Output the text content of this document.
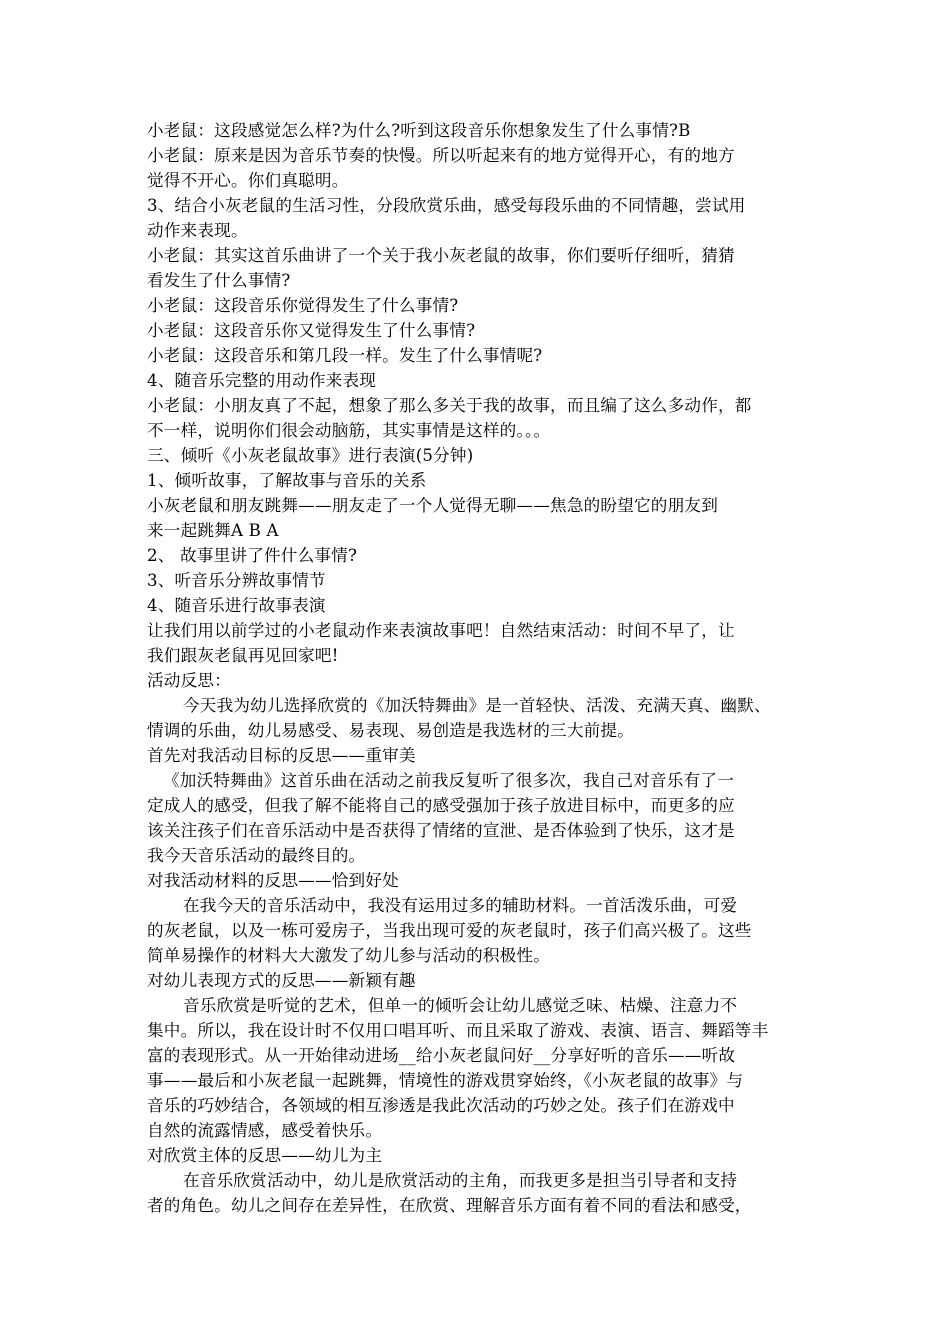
小老鼠：这段感觉怎么样?为什么?听到这段音乐你想象发生了什么事情?B
小老鼠：原来是因为音乐节奏的快慢。所以听起来有的地方觉得开心，有的地方
觉得不开心。你们真聪明。
3、结合小灰老鼠的生活习性，分段欣赏乐曲，感受每段乐曲的不同情趣，尝试用
动作来表现。
小老鼠：其实这首乐曲讲了一个关于我小灰老鼠的故事，你们要听仔细听，猜猜
看发生了什么事情?
小老鼠：这段音乐你觉得发生了什么事情?
小老鼠：这段音乐你又觉得发生了什么事情?
小老鼠：这段音乐和第几段一样。发生了什么事情呢?
4、随音乐完整的用动作来表现
小老鼠：小朋友真了不起，想象了那么多关于我的故事，而且编了这么多动作，都
不一样，说明你们很会动脑筋，其实事情是这样的。。。
三、倾听《小灰老鼠故事》进行表演(5分钟)
1、倾听故事，了解故事与音乐的关系
小灰老鼠和朋友跳舞——朋友走了一个人觉得无聊——焦急的盼望它的朋友到
来一起跳舞A B A
2、 故事里讲了件什么事情?
3、听音乐分辨故事情节
4、随音乐进行故事表演
让我们用以前学过的小老鼠动作来表演故事吧！自然结束活动：时间不早了，让
我们跟灰老鼠再见回家吧!
活动反思：
今天我为幼儿选择欣赏的《加沃特舞曲》是一首轻快、活泼、充满天真、幽默、
情调的乐曲，幼儿易感受、易表现、易创造是我选材的三大前提。
首先对我活动目标的反思——重审美
《加沃特舞曲》这首乐曲在活动之前我反复听了很多次，我自己对音乐有了一
定成人的感受，但我了解不能将自己的感受强加于孩子放进目标中，而更多的应
该关注孩子们在音乐活动中是否获得了情绪的宣泄、是否体验到了快乐，这才是
我今天音乐活动的最终目的。
对我活动材料的反思——恰到好处
在我今天的音乐活动中，我没有运用过多的辅助材料。一首活泼乐曲，可爱
的灰老鼠，以及一栋可爱房子，当我出现可爱的灰老鼠时，孩子们高兴极了。这些
简单易操作的材料大大激发了幼儿参与活动的积极性。
对幼儿表现方式的反思——新颖有趣
音乐欣赏是听觉的艺术，但单一的倾听会让幼儿感觉乏味、枯燥、注意力不
集中。所以，我在设计时不仅用口唱耳听、而且采取了游戏、表演、语言、舞蹈等丰
富的表现形式。从一开始律动进场__给小灰老鼠问好__分享好听的音乐——听故
事——最后和小灰老鼠一起跳舞，情境性的游戏贯穿始终，《小灰老鼠的故事》与
音乐的巧妙结合，各领域的相互渗透是我此次活动的巧妙之处。孩子们在游戏中
自然的流露情感，感受着快乐。
对欣赏主体的反思——幼儿为主
在音乐欣赏活动中，幼儿是欣赏活动的主角，而我更多是担当引导者和支持
者的角色。幼儿之间存在差异性，在欣赏、理解音乐方面有着不同的看法和感受，
